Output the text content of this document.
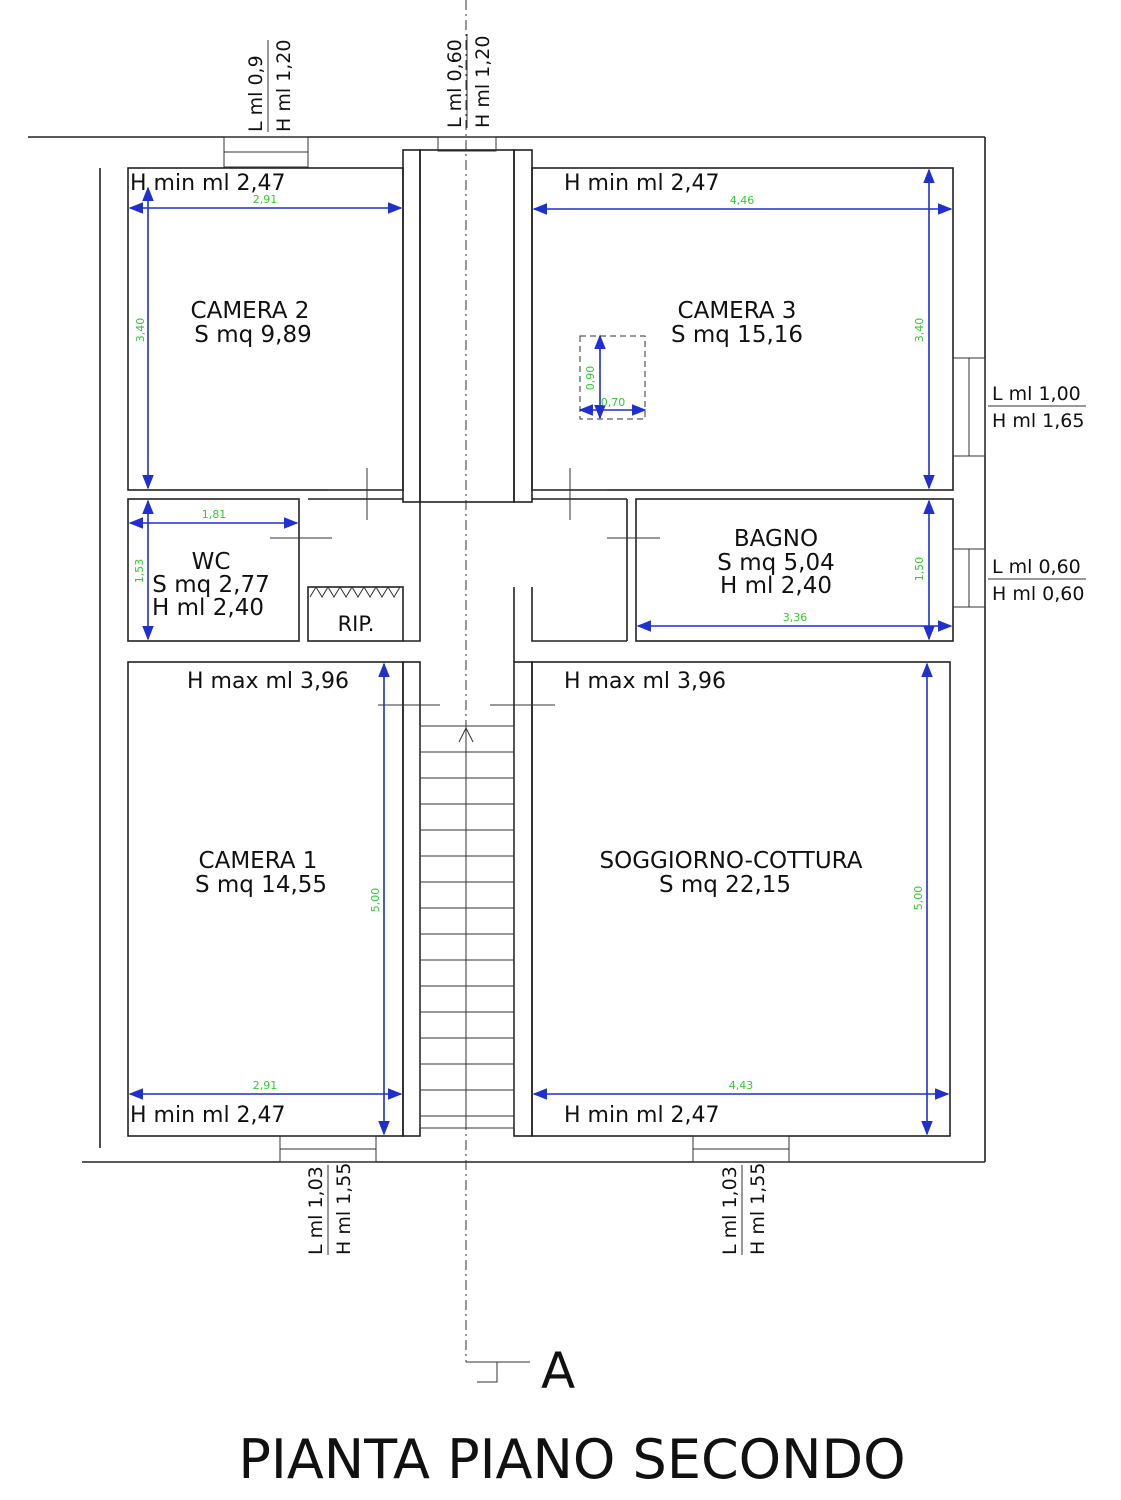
2,91
3,40
4,46
3,40
1,81
1,53
3,36
1,50
2,91
5,00
4,43
5,00
0,70
0,90
H min ml 2,47
CAMERA 2
S mq 9,89
H min ml 2,47
CAMERA 3
S mq 15,16
WC
S mq 2,77
H ml 2,40
RIP.
BAGNO
S mq 5,04
H ml 2,40
H max ml 3,96
CAMERA 1
S mq 14,55
H min ml 2,47
H max ml 3,96
SOGGIORNO-COTTURA
S mq 22,15
H min ml 2,47
L ml 0,9 H ml 1,20	L ml 0,60 H ml 1,20
L ml 1,00
H ml 1,65
L ml 0,60
H ml 0,60
L ml 1,03 H ml 1,55	L ml 1,03 H ml 1,55
A
PIANTA PIANO SECONDO
